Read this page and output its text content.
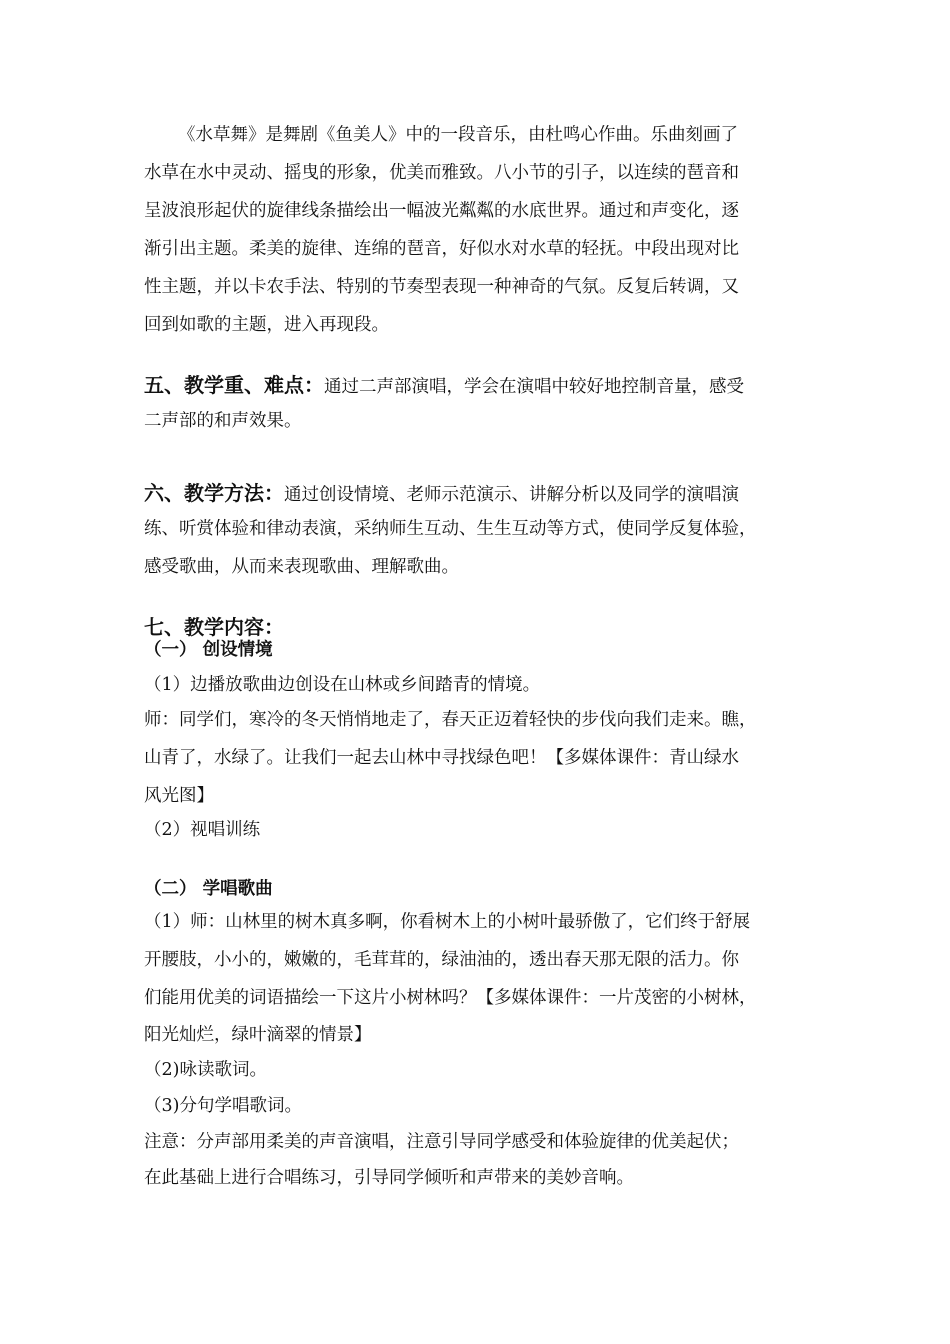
《水草舞》是舞剧《鱼美人》中的一段音乐，由杜鸣心作曲。乐曲刻画了
水草在水中灵动、摇曳的形象，优美而雅致。八小节的引子，以连续的琶音和
呈波浪形起伏的旋律线条描绘出一幅波光粼粼的水底世界。通过和声变化，逐
渐引出主题。柔美的旋律、连绵的琶音，好似水对水草的轻抚。中段出现对比
性主题，并以卡农手法、特别的节奏型表现一种神奇的气氛。反复后转调，又
回到如歌的主题，进入再现段。
五、教学重、难点：通过二声部演唱，学会在演唱中较好地控制音量，感受
二声部的和声效果。
六、教学方法：通过创设情境、老师示范演示、讲解分析以及同学的演唱演
练、听赏体验和律动表演，采纳师生互动、生生互动等方式，使同学反复体验，
感受歌曲，从而来表现歌曲、理解歌曲。
七、教学内容：
（一） 创设情境
（1）边播放歌曲边创设在山林或乡间踏青的情境。
师：同学们，寒冷的冬天悄悄地走了，春天正迈着轻快的步伐向我们走来。瞧，
山青了，水绿了。让我们一起去山林中寻找绿色吧！【多媒体课件：青山绿水
风光图】
（2）视唱训练
（二） 学唱歌曲
（1）师：山林里的树木真多啊，你看树木上的小树叶最骄傲了，它们终于舒展
开腰肢，小小的，嫩嫩的，毛茸茸的，绿油油的，透出春天那无限的活力。你
们能用优美的词语描绘一下这片小树林吗？【多媒体课件：一片茂密的小树林，
阳光灿烂，绿叶滴翠的情景】
（2)咏读歌词。
（3)分句学唱歌词。
注意：分声部用柔美的声音演唱，注意引导同学感受和体验旋律的优美起伏；
在此基础上进行合唱练习，引导同学倾听和声带来的美妙音响。
